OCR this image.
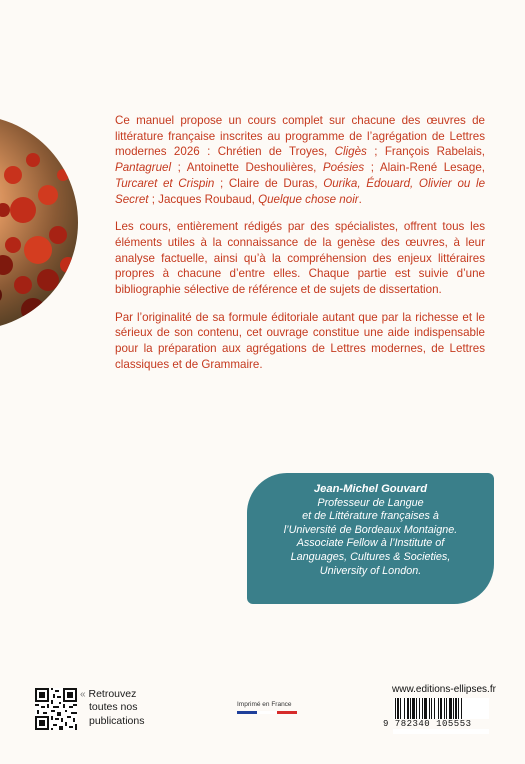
Ce manuel propose un cours complet sur chacune des œuvres de littérature française inscrites au programme de l’agrégation de Lettres modernes 2026 : Chrétien de Troyes, Cligès ; François Rabelais, Pantagruel ; Antoinette Deshoulières, Poésies ; Alain-René Lesage, Turcaret et Crispin ; Claire de Duras, Ourika, Édouard, Olivier ou le Secret ; Jacques Roubaud, Quelque chose noir.

Les cours, entièrement rédigés par des spécialistes, offrent tous les éléments utiles à la connaissance de la genèse des œuvres, à leur analyse factuelle, ainsi qu’à la compréhension des enjeux littéraires propres à chacune d’entre elles. Chaque partie est suivie d’une bibliographie sélective de référence et de sujets de dissertation.

Par l’originalité de sa formule éditoriale autant que par la richesse et le sérieux de son contenu, cet ouvrage constitue une aide indispensable pour la préparation aux agrégations de Lettres modernes, de Lettres classiques et de Grammaire.

Jean-Michel Gouvard
Professeur de Langue
et de Littérature françaises à
l’Université de Bordeaux Montaigne.
Associate Fellow à l’Institute of
Languages, Cultures & Societies,
University of London.
« Retrouvez
toutes nos
publications
Imprimé en France
www.editions-ellipses.fr
9 782340 105553
